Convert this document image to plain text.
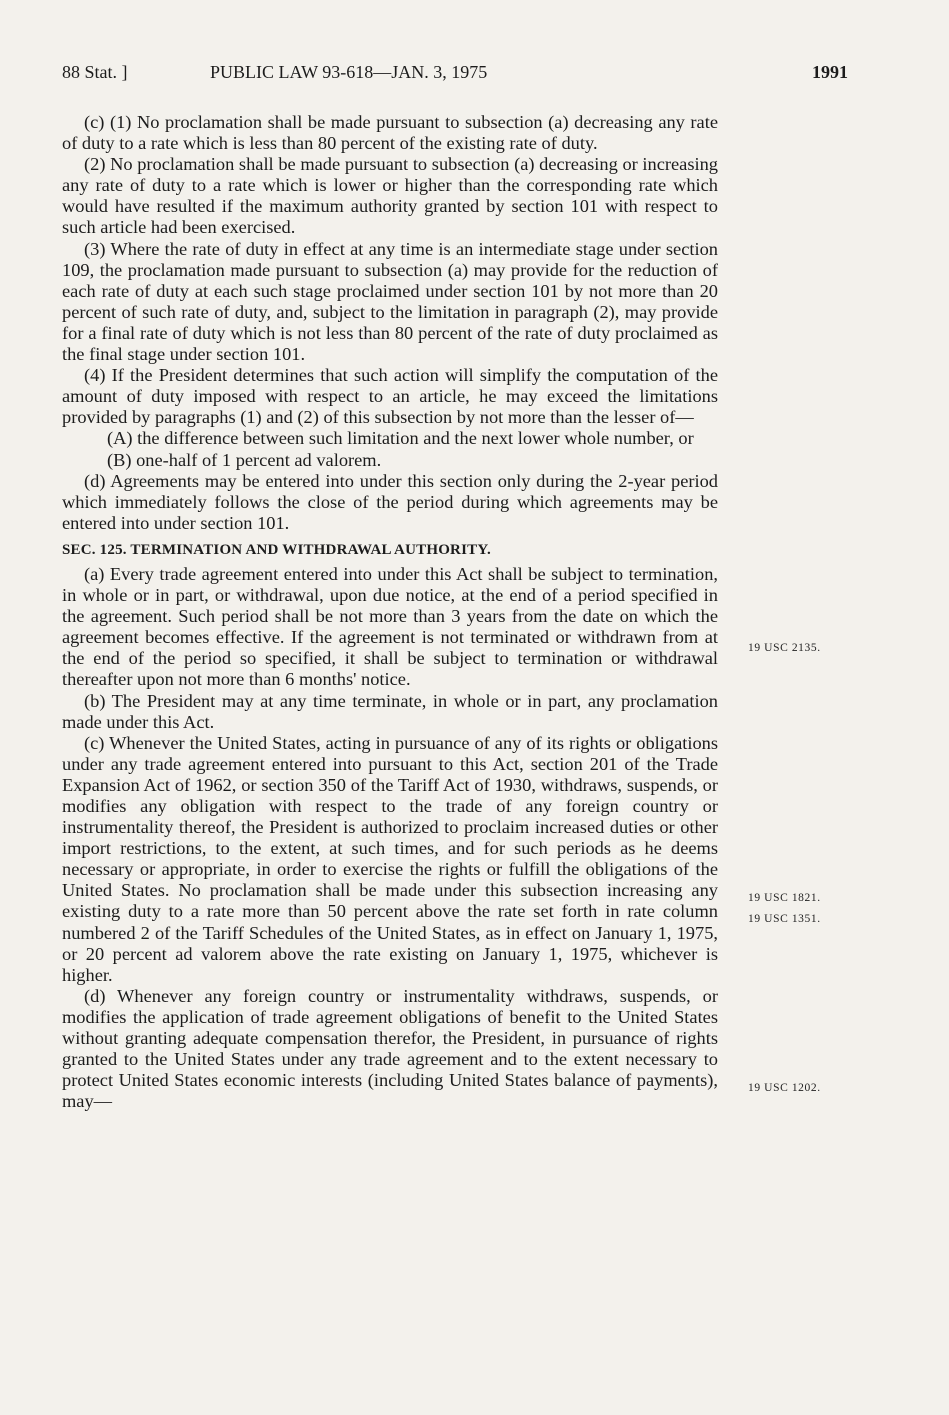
88 Stat. ]	PUBLIC LAW 93-618—JAN. 3, 1975	1991

(c) (1) No proclamation shall be made pursuant to subsection (a) decreasing any rate of duty to a rate which is less than 80 percent of the existing rate of duty.

(2) No proclamation shall be made pursuant to subsection (a) decreasing or increasing any rate of duty to a rate which is lower or higher than the corresponding rate which would have resulted if the maximum authority granted by section 101 with respect to such article had been exercised.

(3) Where the rate of duty in effect at any time is an intermediate stage under section 109, the proclamation made pursuant to subsection (a) may provide for the reduction of each rate of duty at each such stage proclaimed under section 101 by not more than 20 percent of such rate of duty, and, subject to the limitation in paragraph (2), may provide for a final rate of duty which is not less than 80 percent of the rate of duty proclaimed as the final stage under section 101.

(4) If the President determines that such action will simplify the computation of the amount of duty imposed with respect to an article, he may exceed the limitations provided by paragraphs (1) and (2) of this subsection by not more than the lesser of—

(A) the difference between such limitation and the next lower whole number, or

(B) one-half of 1 percent ad valorem.

(d) Agreements may be entered into under this section only during the 2-year period which immediately follows the close of the period during which agreements may be entered into under section 101.

SEC. 125. TERMINATION AND WITHDRAWAL AUTHORITY.

(a) Every trade agreement entered into under this Act shall be subject to termination, in whole or in part, or withdrawal, upon due notice, at the end of a period specified in the agreement. Such period shall be not more than 3 years from the date on which the agreement becomes effective. If the agreement is not terminated or withdrawn from at the end of the period so specified, it shall be subject to termination or withdrawal thereafter upon not more than 6 months' notice.

(b) The President may at any time terminate, in whole or in part, any proclamation made under this Act.

(c) Whenever the United States, acting in pursuance of any of its rights or obligations under any trade agreement entered into pursuant to this Act, section 201 of the Trade Expansion Act of 1962, or section 350 of the Tariff Act of 1930, withdraws, suspends, or modifies any obligation with respect to the trade of any foreign country or instrumentality thereof, the President is authorized to proclaim increased duties or other import restrictions, to the extent, at such times, and for such periods as he deems necessary or appropriate, in order to exercise the rights or fulfill the obligations of the United States. No proclamation shall be made under this subsection increasing any existing duty to a rate more than 50 percent above the rate set forth in rate column numbered 2 of the Tariff Schedules of the United States, as in effect on January 1, 1975, or 20 percent ad valorem above the rate existing on January 1, 1975, whichever is higher.

(d) Whenever any foreign country or instrumentality withdraws, suspends, or modifies the application of trade agreement obligations of benefit to the United States without granting adequate compensation therefor, the President, in pursuance of rights granted to the United States under any trade agreement and to the extent necessary to protect United States economic interests (including United States balance of payments), may—

19 USC 2135.
19 USC 1821.
19 USC 1351.
19 USC 1202.
